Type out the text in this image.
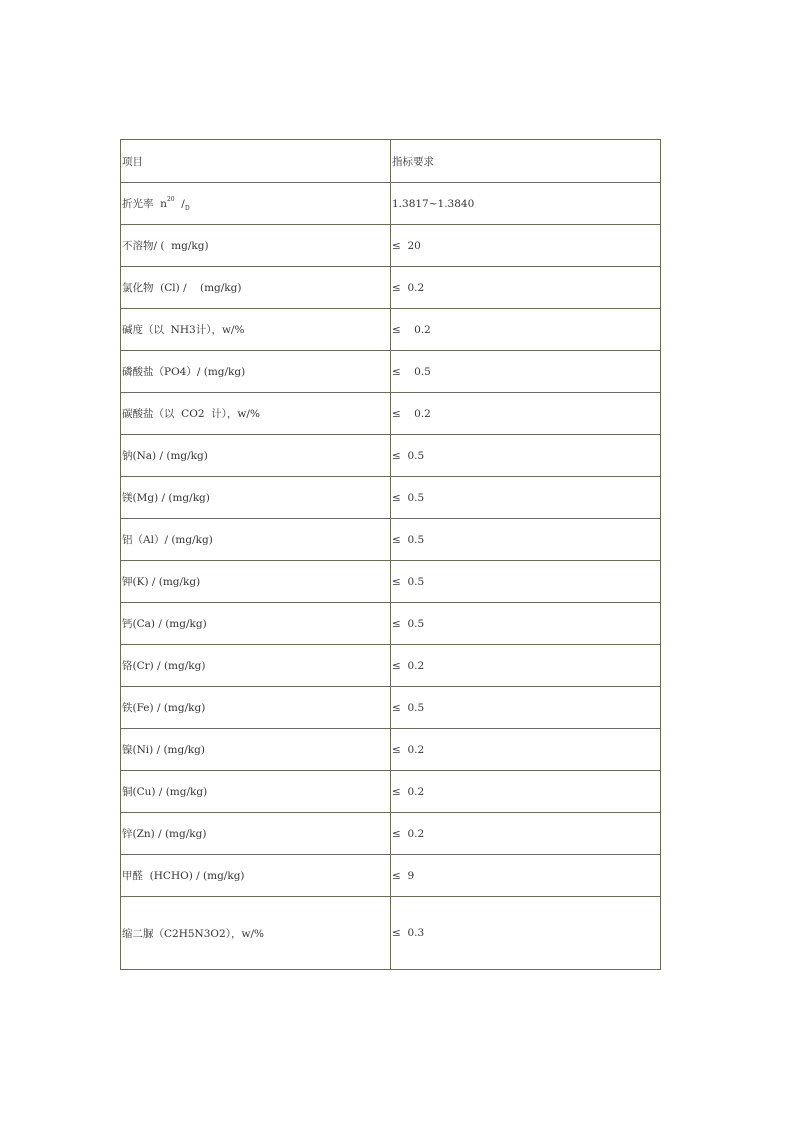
项目	指标要求
折光率  $n^{20}$  $/_D$	1.3817~1.3840
不溶物/ (  mg/kg)	≤  20
氯化物  (Cl) /    (mg/kg)	≤  0.2
碱度（以  NH3计），w/%	≤    0.2
磷酸盐（PO4）/ (mg/kg)	≤    0.5
碳酸盐（以  CO2  计），w/%	≤    0.2
钠(Na) / (mg/kg)	≤  0.5
镁(Mg) / (mg/kg)	≤  0.5
铝（Al）/ (mg/kg)	≤  0.5
钾(K) / (mg/kg)	≤  0.5
钙(Ca) / (mg/kg)	≤  0.5
铬(Cr) / (mg/kg)	≤  0.2
铁(Fe) / (mg/kg)	≤  0.5
镍(Ni) / (mg/kg)	≤  0.2
铜(Cu) / (mg/kg)	≤  0.2
锌(Zn) / (mg/kg)	≤  0.2
甲醛  (HCHO) / (mg/kg)	≤  9
缩二脲（C2H5N3O2），w/%	≤  0.3
